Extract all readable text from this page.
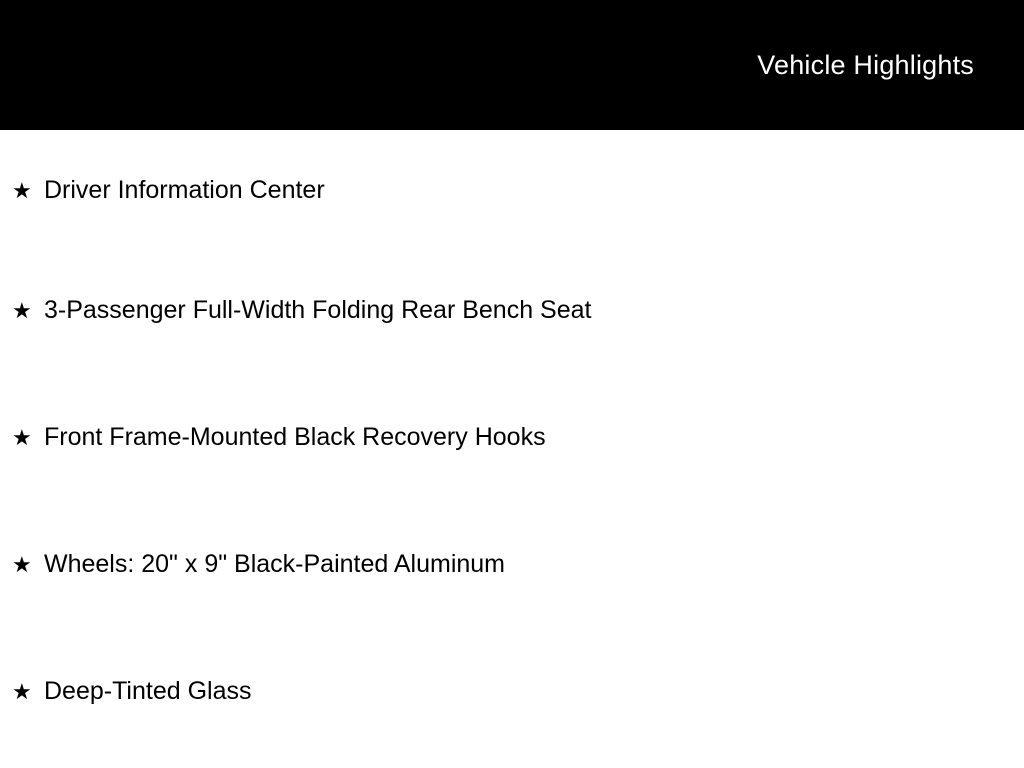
Vehicle Highlights
★ Driver Information Center
★ 3-Passenger Full-Width Folding Rear Bench Seat
★ Front Frame-Mounted Black Recovery Hooks
★ Wheels: 20" x 9" Black-Painted Aluminum
★ Deep-Tinted Glass
